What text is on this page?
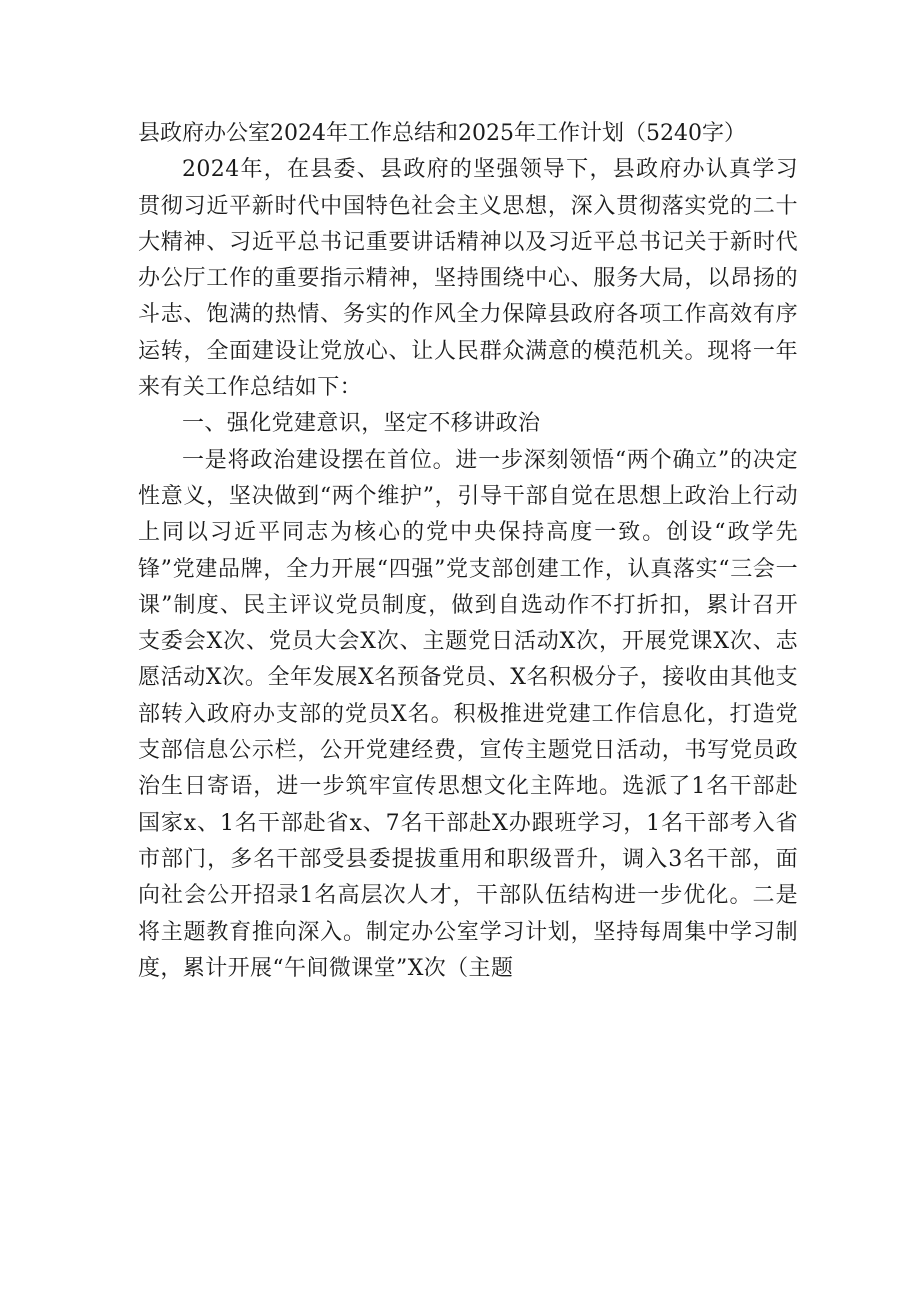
县政府办公室2024年工作总结和2025年工作计划（5240字）

2024年，在县委、县政府的坚强领导下，县政府办认真学习贯彻习近平新时代中国特色社会主义思想，深入贯彻落实党的二十大精神、习近平总书记重要讲话精神以及习近平总书记关于新时代办公厅工作的重要指示精神，坚持围绕中心、服务大局，以昂扬的斗志、饱满的热情、务实的作风全力保障县政府各项工作高效有序运转，全面建设让党放心、让人民群众满意的模范机关。现将一年来有关工作总结如下：

一、强化党建意识，坚定不移讲政治

一是将政治建设摆在首位。进一步深刻领悟“两个确立”的决定性意义，坚决做到“两个维护”，引导干部自觉在思想上政治上行动上同以习近平同志为核心的党中央保持高度一致。创设“政学先锋”党建品牌，全力开展“四强”党支部创建工作，认真落实“三会一课”制度、民主评议党员制度，做到自选动作不打折扣，累计召开支委会X次、党员大会X次、主题党日活动X次，开展党课X次、志愿活动X次。全年发展X名预备党员、X名积极分子，接收由其他支部转入政府办支部的党员X名。积极推进党建工作信息化，打造党支部信息公示栏，公开党建经费，宣传主题党日活动，书写党员政治生日寄语，进一步筑牢宣传思想文化主阵地。选派了1名干部赴国家x、1名干部赴省x、7名干部赴X办跟班学习，1名干部考入省市部门，多名干部受县委提拔重用和职级晋升，调入3名干部，面向社会公开招录1名高层次人才，干部队伍结构进一步优化。二是将主题教育推向深入。制定办公室学习计划，坚持每周集中学习制度，累计开展“午间微课堂”X次（主题
